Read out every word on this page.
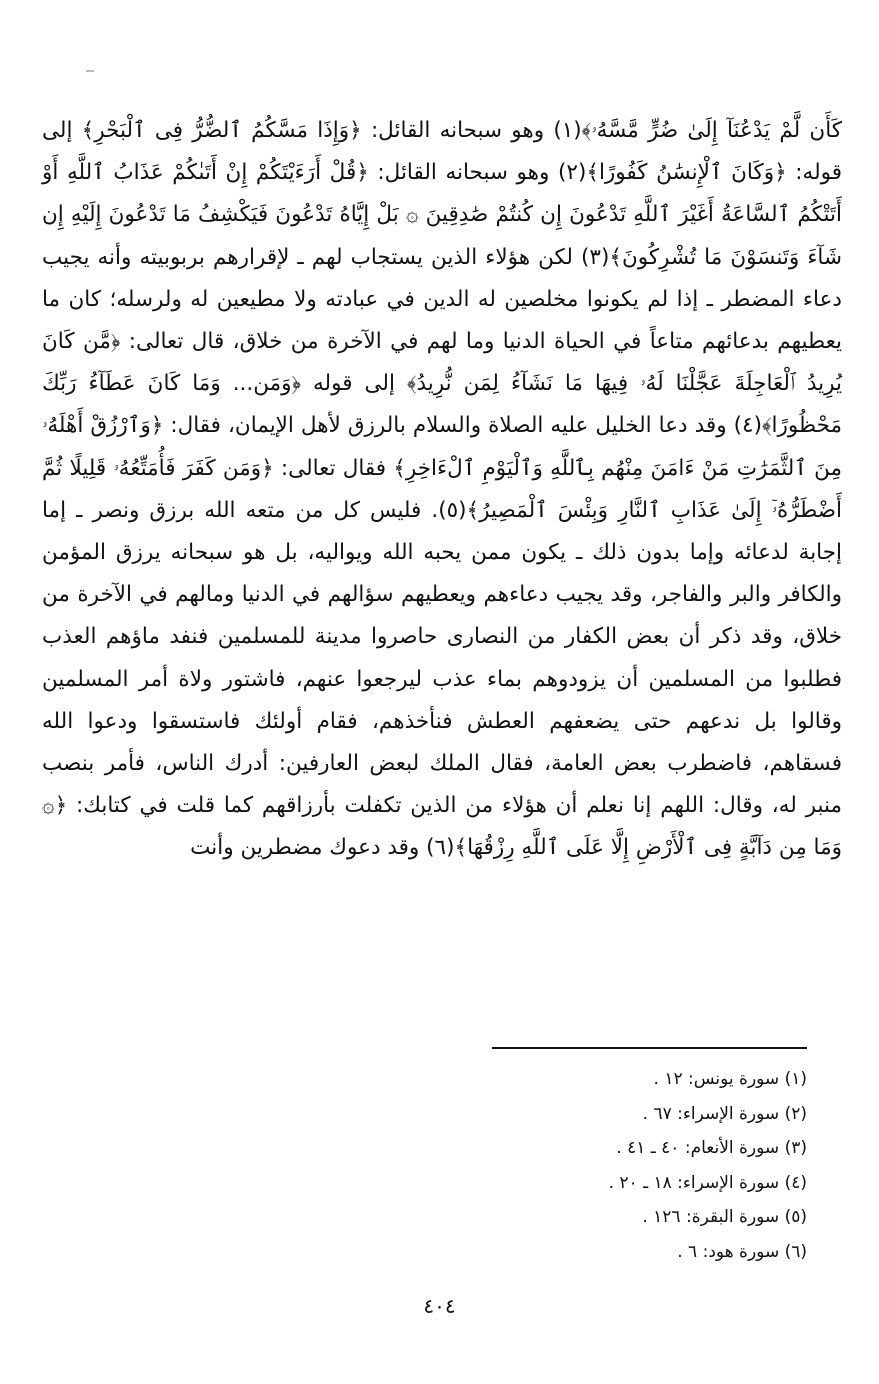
كَأَن لَّمْ يَدْعُنَآ إِلَىٰ ضُرٍّ مَّسَّهُۥ﴾(١) وهو سبحانه القائل: ﴿وَإِذَا مَسَّكُمُ ٱلضُّرُّ فِى ٱلْبَحْرِ﴾ إلى قوله: ﴿وَكَانَ ٱلْإِنسَٰنُ كَفُورًا﴾(٢) وهو سبحانه القائل: ﴿قُلْ أَرَءَيْتَكُمْ إِنْ أَتَىٰكُمْ عَذَابُ ٱللَّهِ أَوْ أَتَتْكُمُ ٱلسَّاعَةُ أَغَيْرَ ٱللَّهِ تَدْعُونَ إِن كُنتُمْ صَٰدِقِينَ ۞ بَلْ إِيَّاهُ تَدْعُونَ فَيَكْشِفُ مَا تَدْعُونَ إِلَيْهِ إِن شَآءَ وَتَنسَوْنَ مَا تُشْرِكُونَ﴾(٣) لكن هؤلاء الذين يستجاب لهم ـ لإقرارهم بربوبيته وأنه يجيب دعاء المضطر ـ إذا لم يكونوا مخلصين له الدين في عبادته ولا مطيعين له ولرسله؛ كان ما يعطيهم بدعائهم متاعاً في الحياة الدنيا وما لهم في الآخرة من خلاق، قال تعالى: ﴿مَّن كَانَ يُرِيدُ ٱلْعَاجِلَةَ عَجَّلْنَا لَهُۥ فِيهَا مَا نَشَآءُ لِمَن نُّرِيدُ﴾ إلى قوله ﴿وَمَن... وَمَا كَانَ عَطَآءُ رَبِّكَ مَحْظُورًا﴾(٤) وقد دعا الخليل عليه الصلاة والسلام بالرزق لأهل الإيمان، فقال: ﴿وَٱرْزُقْ أَهْلَهُۥ مِنَ ٱلثَّمَرَٰتِ مَنْ ءَامَنَ مِنْهُم بِٱللَّهِ وَٱلْيَوْمِ ٱلْءَاخِرِ﴾ فقال تعالى: ﴿وَمَن كَفَرَ فَأُمَتِّعُهُۥ قَلِيلًا ثُمَّ أَضْطَرُّهُۥٓ إِلَىٰ عَذَابِ ٱلنَّارِ وَبِئْسَ ٱلْمَصِيرُ﴾(٥). فليس كل من متعه الله برزق ونصر ـ إما إجابة لدعائه وإما بدون ذلك ـ يكون ممن يحبه الله ويواليه، بل هو سبحانه يرزق المؤمن والكافر والبر والفاجر، وقد يجيب دعاءهم ويعطيهم سؤالهم في الدنيا ومالهم في الآخرة من خلاق، وقد ذكر أن بعض الكفار من النصارى حاصروا مدينة للمسلمين فنفد ماؤهم العذب فطلبوا من المسلمين أن يزودوهم بماء عذب ليرجعوا عنهم، فاشتور ولاة أمر المسلمين وقالوا بل ندعهم حتى يضعفهم العطش فنأخذهم، فقام أولئك فاستسقوا ودعوا الله فسقاهم، فاضطرب بعض العامة، فقال الملك لبعض العارفين: أدرك الناس، فأمر بنصب منبر له، وقال: اللهم إنا نعلم أن هؤلاء من الذين تكفلت بأرزاقهم كما قلت في كتابك: ﴿۞ وَمَا مِن دَآبَّةٍ فِى ٱلْأَرْضِ إِلَّا عَلَى ٱللَّهِ رِزْقُهَا﴾(٦) وقد دعوك مضطرين وأنت

(١) سورة يونس: ١٢ .
(٢) سورة الإسراء: ٦٧ .
(٣) سورة الأنعام: ٤٠ ـ ٤١ .
(٤) سورة الإسراء: ١٨ ـ ٢٠ .
(٥) سورة البقرة: ١٢٦ .
(٦) سورة هود: ٦ .
٤٠٤
